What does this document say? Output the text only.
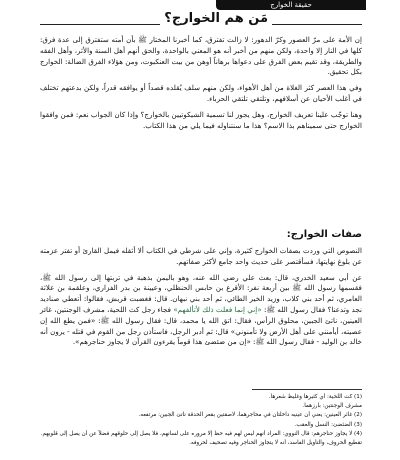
حقيقة الخوارج
مَن هم الخوارج؟

إن الأمة على مرّ العصور وكرّ الدهور: لا زالت تفترق، كما أخبرنا المختار ﷺ بأن أمته ستفترق إلى عدة فرق: كلها في النار إلا واحدة، ولكن منهم من أخبر أنه هو المعني بالواحدة، والحق أنهم أهل السنة والأثر، وأهل الفقه والطريقة، وقد تقيم بعض الفرق على دعواها برهاناً أوهن من بيت العنكبوت، ومن هؤلاء الفرق الضالة: الخوارج بكل تحقيق.

وفي هذا العصر كثر الغلاة من أهل الأهواء، ولكن منهم سلف يُقلده قصداً أو يوافقه قدراً، ولكن بدعتهم تختلف في أغلب الأحيان عن أسلافهم، وتلتقي تلتقي الحرباء.

وهنا توجّب علينا تعريف الخوارج، وهل يجوز لنا تسمية الشيكوتيين بالخوارج؟ وإذا كان الجواب نعم: فمن وافقوا الخوارج حتى سميناهم بذا الاسم؟ هذا ما سنتناوله فيما يلي من هذا الكتاب.

صفات الخوارج:

النصوص التي وردت بصفات الخوارج كثيرة، وإني على شرطي في الكتاب ألا أثقله فيمل القارئ أو تفتر عزمته عن بلوغ نهايتها، فسأقتصر على حديث واحد جامع لأكثر صفاتهم.

عن أبي سعيد الخدري، قال: بعث علي رضي الله عنه، وهو باليمن بذهبة في تربتها إلى رسول الله ﷺ، فقسمها رسول الله ﷺ بين أربعة نفر: الأقرع بن حابس الحنظلي، وعيينة بن بدر الفزاري، وعلقمة بن علاثة العامري، ثم أحد بني كلاب، وزيد الخير الطائي، ثم أحد بني نبهان. قال: فغضبت قريش، فقالوا: أتعطي صناديد نجد وتدعنا؟ فقال رسول الله ﷺ: «إني إنما فعلت ذلك لأتألفهم» فجاء رجل كث اللحية، مشرف الوجنتين، غائر العينين، ناتئ الجبين، محلوق الرأس، فقال: اتق الله يا محمد، قال: فقال رسول الله ﷺ: «فمن يطع الله إن عصيته، أيأمنني على أهل الأرض ولا تأمنوني» قال: ثم أدبر الرجل، فاستأذن رجل من القوم في قتله - يرون أنه خالد بن الوليد - فقال رسول الله ﷺ: «إن من ضئضئ هذا قوماً يقرءون القرآن لا يجاوز حناجرهم».

(1) كث اللحية: أي كثيرها وغليظ شعرها.
مشرف الوجنتين: بارزهما.
(2) غائر العينين: يعني أن عينيه داخلتان في محاجرهما، لاصقتين بقعر الحدقة ناتئ الجبين: مرتفعه.
(3) الضئضئ: النسل والعقب.
(4) لا يجاوز حناجرهم: قال النووي: المراد أنهم ليس لهم فيه حظ إلا مروره على لسانهم، فلا يصل إلى حلوقهم فضلاً عن أن يصل إلى قلوبهم.
تقطيع الحروف، والتأويل الفاسد، أنه لا يتجاوز الحناجر وفيه تصحيف لحروفه.
